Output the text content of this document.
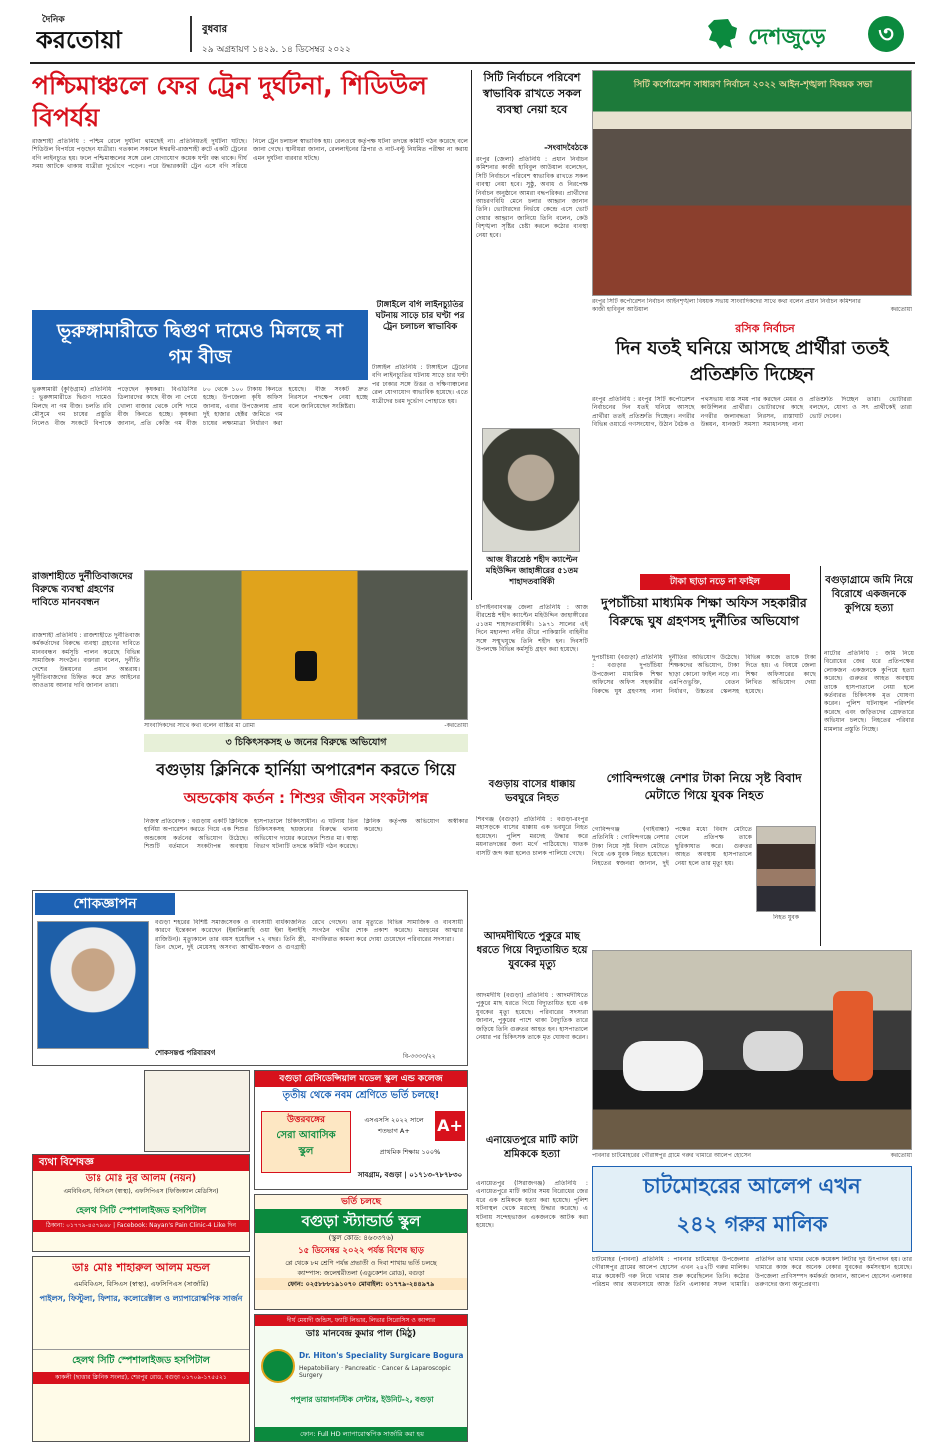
দৈনিক
করতোয়া	বুধবার
২৯ অগ্রহায়ণ ১৪২৯, ১৪ ডিসেম্বর ২০২২	দেশজুড়ে	৩
পশ্চিমাঞ্চলে ফের ট্রেন দুর্ঘটনা, শিডিউল বিপর্যয়
রাজশাহী প্রতিনিধি : পশ্চিম রেলে দুর্ঘটনা থামছেই না। প্রতিনিয়তই দুর্ঘটনা ঘটছে। শিডিউল বিপর্যয়ে পড়ছেন যাত্রীরা। গতকাল সকালে ঈশ্বরদী-রাজশাহী রুটে একটি ট্রেনের বগি লাইনচ্যুত হয়। ফলে পশ্চিমাঞ্চলের সঙ্গে রেল যোগাযোগ কয়েক ঘণ্টা বন্ধ থাকে। দীর্ঘ সময় আটকে থাকায় যাত্রীরা দুর্ভোগে পড়েন। পরে উদ্ধারকারী ট্রেন এসে বগি সরিয়ে নিলে ট্রেন চলাচল স্বাভাবিক হয়। রেলওয়ে কর্তৃপক্ষ ঘটনা তদন্তে কমিটি গঠন করেছে বলে জানা গেছে। স্থানীয়রা জানান, রেললাইনের স্লিপার ও নাট-বল্টু নিয়মিত পরীক্ষা না করায় এমন দুর্ঘটনা বারবার ঘটছে।
সিটি নির্বাচনে পরিবেশ স্বাভাবিক রাখতে সকল ব্যবস্থা নেয়া হবে
-সংবাদবৈঠকে
রংপুর (জেলা) প্রতিনিধি : প্রধান নির্বাচন কমিশনার কাজী হাবিবুল আউয়াল বলেছেন, সিটি নির্বাচনে পরিবেশ স্বাভাবিক রাখতে সকল ব্যবস্থা নেয়া হবে। সুষ্ঠু, অবাধ ও নিরপেক্ষ নির্বাচন অনুষ্ঠানে আমরা বদ্ধপরিকর। প্রার্থীদের আচরণবিধি মেনে চলার আহ্বান জানান তিনি। ভোটারদের নির্ভয়ে কেন্দ্রে এসে ভোট দেয়ার আহ্বান জানিয়ে তিনি বলেন, কেউ বিশৃঙ্খলা সৃষ্টির চেষ্টা করলে কঠোর ব্যবস্থা নেয়া হবে।
সিটি কর্পোরেশন সাধারণ নির্বাচন ২০২২ আইন-শৃঙ্খলা বিষয়ক সভা
রংপুর সিটি কর্পোরেশন নির্বাচন আইনশৃঙ্খলা বিষয়ক সভায় সাংবাদিকদের সাথে কথা বলেন প্রধান নির্বাচন কমিশনার কাজী হাবিবুল আউয়াল	করতোয়া
ভূরুঙ্গামারীতে দ্বিগুণ দামেও মিলছে না গম বীজ
ভুরুঙ্গামারী (কুড়িগ্রাম) প্রতিনিধি : ভুরুঙ্গামারীতে দ্বিগুণ দামেও মিলছে না গম বীজ। চলতি রবি মৌসুমে গম চাষের প্রস্তুতি নিলেও বীজ সংকটে বিপাকে পড়েছেন কৃষকরা। বিএডিসির ডিলারদের কাছে বীজ না পেয়ে খোলা বাজার থেকে বেশি দামে বীজ কিনতে হচ্ছে। কৃষকরা জানান, প্রতি কেজি গম বীজ ৮০ থেকে ১০০ টাকায় কিনতে হচ্ছে। উপজেলা কৃষি অফিস জানায়, এবার উপজেলায় প্রায় দুই হাজার হেক্টর জমিতে গম চাষের লক্ষ্যমাত্রা নির্ধারণ করা হয়েছে। বীজ সংকট দ্রুত নিরসনে পদক্ষেপ নেয়া হচ্ছে বলে জানিয়েছেন সংশ্লিষ্টরা।
টাঙ্গাইলে বগি লাইনচ্যুতির ঘটনায় সাড়ে চার ঘণ্টা পর ট্রেন চলাচল স্বাভাবিক
টাঙ্গাইল প্রতিনিধি : টাঙ্গাইলে ট্রেনের বগি লাইনচ্যুতির ঘটনায় সাড়ে চার ঘণ্টা পর ঢাকার সঙ্গে উত্তর ও দক্ষিণাঞ্চলের রেল যোগাযোগ স্বাভাবিক হয়েছে। এতে যাত্রীদের চরম দুর্ভোগ পোহাতে হয়।
রসিক নির্বাচন
দিন যতই ঘনিয়ে আসছে প্রার্থীরা ততই প্রতিশ্রুতি দিচ্ছেন
রংপুর প্রতিনিধি : রংপুর সিটি কর্পোরেশন নির্বাচনের দিন যতই ঘনিয়ে আসছে প্রার্থীরা ততই প্রতিশ্রুতি দিচ্ছেন। নগরীর বিভিন্ন ওয়ার্ডে গণসংযোগ, উঠান বৈঠক ও পথসভায় ব্যস্ত সময় পার করছেন মেয়র ও কাউন্সিলর প্রার্থীরা। ভোটারদের কাছে নগরীর জলাবদ্ধতা নিরসন, রাস্তাঘাট উন্নয়ন, যানজট সমস্যা সমাধানসহ নানা প্রতিশ্রুতি দিচ্ছেন তারা। ভোটাররা বলছেন, যোগ্য ও সৎ প্রার্থীকেই তারা ভোট দেবেন।
আজ বীরশ্রেষ্ঠ শহীদ ক্যাপ্টেন মহিউদ্দিন জাহাঙ্গীরের ৫১তম শাহাদতবার্ষিকী
চাঁপাইনবাবগঞ্জ জেলা প্রতিনিধি : আজ বীরশ্রেষ্ঠ শহীদ ক্যাপ্টেন মহিউদ্দিন জাহাঙ্গীরের ৫১তম শাহাদতবার্ষিকী। ১৯৭১ সালের এই দিনে মহানন্দা নদীর তীরে পাকিস্তানি বাহিনীর সঙ্গে সম্মুখযুদ্ধে তিনি শহীদ হন। দিবসটি উপলক্ষে বিভিন্ন কর্মসূচি গ্রহণ করা হয়েছে।
টাকা ছাড়া নড়ে না ফাইল
দুপচাঁচিয়া মাধ্যমিক শিক্ষা অফিস সহকারীর বিরুদ্ধে ঘুষ গ্রহণসহ দুর্নীতির অভিযোগ
দুপচাঁচিয়া (বগুড়া) প্রতিনিধি : বগুড়ার দুপচাঁচিয়া উপজেলা মাধ্যমিক শিক্ষা অফিসের অফিস সহকারীর বিরুদ্ধে ঘুষ গ্রহণসহ নানা দুর্নীতির অভিযোগ উঠেছে। শিক্ষকদের অভিযোগ, টাকা ছাড়া কোনো ফাইল নড়ে না। এমপিওভুক্তি, বেতন নির্ধারণ, উচ্চতর স্কেলসহ বিভিন্ন কাজে তাকে টাকা দিতে হয়। এ বিষয়ে জেলা শিক্ষা অফিসারের কাছে লিখিত অভিযোগ দেয়া হয়েছে।
বগুড়াগ্রামে জমি নিয়ে বিরোধে একজনকে কুপিয়ে হত্যা
নাটোর প্রতিনিধি : জমি নিয়ে বিরোধের জের ধরে প্রতিপক্ষের লোকজন একজনকে কুপিয়ে হত্যা করেছে। গুরুতর আহত অবস্থায় তাকে হাসপাতালে নেয়া হলে কর্তব্যরত চিকিৎসক মৃত ঘোষণা করেন। পুলিশ ঘটনাস্থল পরিদর্শন করেছে এবং জড়িতদের গ্রেফতারে অভিযান চলছে। নিহতের পরিবার মামলার প্রস্তুতি নিচ্ছে।
রাজশাহীতে দুর্নীতিবাজদের বিরুদ্ধে ব্যবস্থা গ্রহণের দাবিতে মানববন্ধন
রাজশাহী প্রতিনিধি : রাজশাহীতে দুর্নীতিবাজ কর্মকর্তাদের বিরুদ্ধে ব্যবস্থা গ্রহণের দাবিতে মানববন্ধন কর্মসূচি পালন করেছে বিভিন্ন সামাজিক সংগঠন। বক্তারা বলেন, দুর্নীতি দেশের উন্নয়নের প্রধান অন্তরায়। দুর্নীতিবাজদের চিহ্নিত করে দ্রুত আইনের আওতায় আনার দাবি জানান তারা।
সাংবাদিকদের সাথে কথা বলেন বাচ্চির মা রোমা	-করতোয়া
৩ চিকিৎসকসহ ৬ জনের বিরুদ্ধে অভিযোগ
বগুড়ায় ক্লিনিকে হার্নিয়া অপারেশন করতে গিয়ে
অন্ডকোষ কর্তন : শিশুর জীবন সংকটাপন্ন
নিজস্ব প্রতিবেদক : বগুড়ায় একটি ক্লিনিকে হার্নিয়া অপারেশন করতে গিয়ে এক শিশুর অন্ডকোষ কর্তনের অভিযোগ উঠেছে। শিশুটি বর্তমানে সংকটাপন্ন অবস্থায় হাসপাতালে চিকিৎসাধীন। এ ঘটনায় তিন চিকিৎসকসহ ছয়জনের বিরুদ্ধে থানায় অভিযোগ দায়ের করেছেন শিশুর মা। স্বাস্থ্য বিভাগ ঘটনাটি তদন্তে কমিটি গঠন করেছে। ক্লিনিক কর্তৃপক্ষ অভিযোগ অস্বীকার করেছে।
বগুড়ায় বাসের ধাক্কায় ভবঘুরে নিহত
শিবগঞ্জ (বগুড়া) প্রতিনিধি : বগুড়া-রংপুর মহাসড়কে বাসের ধাক্কায় এক ভবঘুরে নিহত হয়েছেন। পুলিশ মরদেহ উদ্ধার করে ময়নাতদন্তের জন্য মর্গে পাঠিয়েছে। ঘাতক বাসটি জব্দ করা হলেও চালক পালিয়ে গেছে।
আদমদীঘিতে পুকুরে মাছ ধরতে গিয়ে বিদ্যুতায়িত হয়ে যুবকের মৃত্যু
আদমদীঘি (বগুড়া) প্রতিনিধি : আদমদীঘিতে পুকুরে মাছ ধরতে গিয়ে বিদ্যুতায়িত হয়ে এক যুবকের মৃত্যু হয়েছে। পরিবারের সদস্যরা জানান, পুকুরের পাশে থাকা বৈদ্যুতিক তারে জড়িয়ে তিনি গুরুতর আহত হন। হাসপাতালে নেয়ার পর চিকিৎসক তাকে মৃত ঘোষণা করেন।
এনায়েতপুরে মাটি কাটা শ্রমিককে হত্যা
এনায়েতপুর (সিরাজগঞ্জ) প্রতিনিধি : এনায়েতপুরে মাটি কাটার সময় বিরোধের জের ধরে এক শ্রমিককে হত্যা করা হয়েছে। পুলিশ ঘটনাস্থল থেকে মরদেহ উদ্ধার করেছে। এ ঘটনায় সন্দেহভাজন একজনকে আটক করা হয়েছে।
গোবিন্দগঞ্জে নেশার টাকা নিয়ে সৃষ্ট বিবাদ মেটাতে গিয়ে যুবক নিহত
গোবিন্দগঞ্জ (গাইবান্ধা) প্রতিনিধি : গোবিন্দগঞ্জে নেশার টাকা নিয়ে সৃষ্ট বিবাদ মেটাতে গিয়ে এক যুবক নিহত হয়েছেন। নিহতের স্বজনরা জানান, দুই পক্ষের মধ্যে বিবাদ মেটাতে গেলে প্রতিপক্ষ তাকে ছুরিকাঘাত করে। গুরুতর আহত অবস্থায় হাসপাতালে নেয়া হলে তার মৃত্যু হয়।
নিহত যুবক
পাবনার চাটমোহরের গৌরাঙ্গপুর গ্রামে গরুর খামারে আলেপ হোসেন	করতোয়া
চাটমোহরের আলেপ এখন
২৪২ গরুর মালিক
চাটমোহর (পাবনা) প্রতিনিধি : পাবনার চাটমোহর উপজেলার গৌরাঙ্গপুর গ্রামের আলেপ হোসেন এখন ২৪২টি গরুর মালিক। মাত্র কয়েকটি গরু নিয়ে খামার শুরু করেছিলেন তিনি। কঠোর পরিশ্রম আর অধ্যবসায়ে আজ তিনি এলাকার সফল খামারি। প্রতিদিন তার খামার থেকে কয়েকশ লিটার দুধ উৎপাদন হয়। তার খামারে কাজ করে অনেক বেকার যুবকের কর্মসংস্থান হয়েছে। উপজেলা প্রাণিসম্পদ কর্মকর্তা জানান, আলেপ হোসেন এলাকার তরুণদের জন্য অনুপ্রেরণা।
শোকজ্ঞাপন
বগুড়া শহরের বিশিষ্ট সমাজসেবক ও ব্যবসায়ী বার্ধক্যজনিত কারণে ইন্তেকাল করেছেন (ইন্নালিল্লাহি ওয়া ইন্না ইলাইহি রাজিউন)। মৃত্যুকালে তার বয়স হয়েছিল ৭২ বছর। তিনি স্ত্রী, তিন ছেলে, দুই মেয়েসহ অসংখ্য আত্মীয়-স্বজন ও গুণগ্রাহী রেখে গেছেন। তার মৃত্যুতে বিভিন্ন সামাজিক ও ব্যবসায়ী সংগঠন গভীর শোক প্রকাশ করেছে। মরহুমের আত্মার মাগফিরাত কামনা করে দোয়া চেয়েছেন পরিবারের সদস্যরা।
শোকসন্তপ্ত পরিবারবর্গ	বি-৩৩৩৩/২২
বগুড়া রেসিডেন্সিয়াল মডেল স্কুল এন্ড কলেজ
তৃতীয় থেকে নবম শ্রেণিতে ভর্তি চলছে!
উত্তরবঙ্গের
সেরা আবাসিক
স্কুল
এসএসসি ২০২২ সালে শতভাগ A+	A+
প্রাথমিক শিক্ষায় ১০০%
সাবগ্রাম, বগুড়া | ০১৭১৩-৭৮৭৮৩০
ব্যথা বিশেষজ্ঞ
ডাঃ মোঃ নুর আলম (নয়ন)
এমবিবিএস, বিসিএস (স্বাস্থ্য), এফসিপিএস (ফিজিক্যাল মেডিসিন)
হেলথ সিটি স্পেশালাইজড হসপিটাল
ঠিকানা: ০১৭৭৯-৪৫৭৯৬৮ | Facebook: Nayan's Pain Clinic-4 Like দিন
ভর্তি চলছে
বগুড়া স্ট্যান্ডার্ড স্কুল
(স্কুল কোড: ৪৬৩৩৭৬)
১৫ ডিসেম্বর ২০২২ পর্যন্ত বিশেষ ছাড়
প্লে থেকে ৮ম শ্রেণি পর্যন্ত প্রভাতী ও দিবা শাখায় ভর্তি চলছে
ক্যাম্পাস: জলেশ্বরীতলা (এডুকেশন রোড), বগুড়া
ফোন: ০২৫৮৮৮১৯১০৭০ মোবাইল: ০১৭৭৯-২৪৪৯৭৯
ডাঃ মোঃ শাহারুল আলম মন্ডল
এমবিবিএস, বিসিএস (স্বাস্থ্য), এফসিপিএস (সার্জারি)
পাইলস, ফিস্টুলা, ফিশার, কলোরেক্টাল ও ল্যাপারোস্কপিক সার্জন
হেলথ সিটি স্পেশালাইজড হসপিটাল
কাকলী (ছাত্তার ক্লিনিক সংলগ্ন), শেরপুর রোড, বগুড়া ০১৭০৯-১৭৫৫২১
দীর্ঘ মেয়াদী জন্ডিস, ফ্যাটি লিভার, লিভার সিরোসিস ও ক্যান্সার
ডাঃ মানবেন্দ্র কুমার পাল (মিঠু)
Dr. Hiton's Speciality Surgicare Bogura
Hepatobiliary · Pancreatic · Cancer & Laparoscopic Surgery
পপুলার ডায়াগনস্টিক সেন্টার, ইউনিট-২, বগুড়া
ফোন: Full HD ল্যাপারোস্কপিক সার্জারি করা হয়
